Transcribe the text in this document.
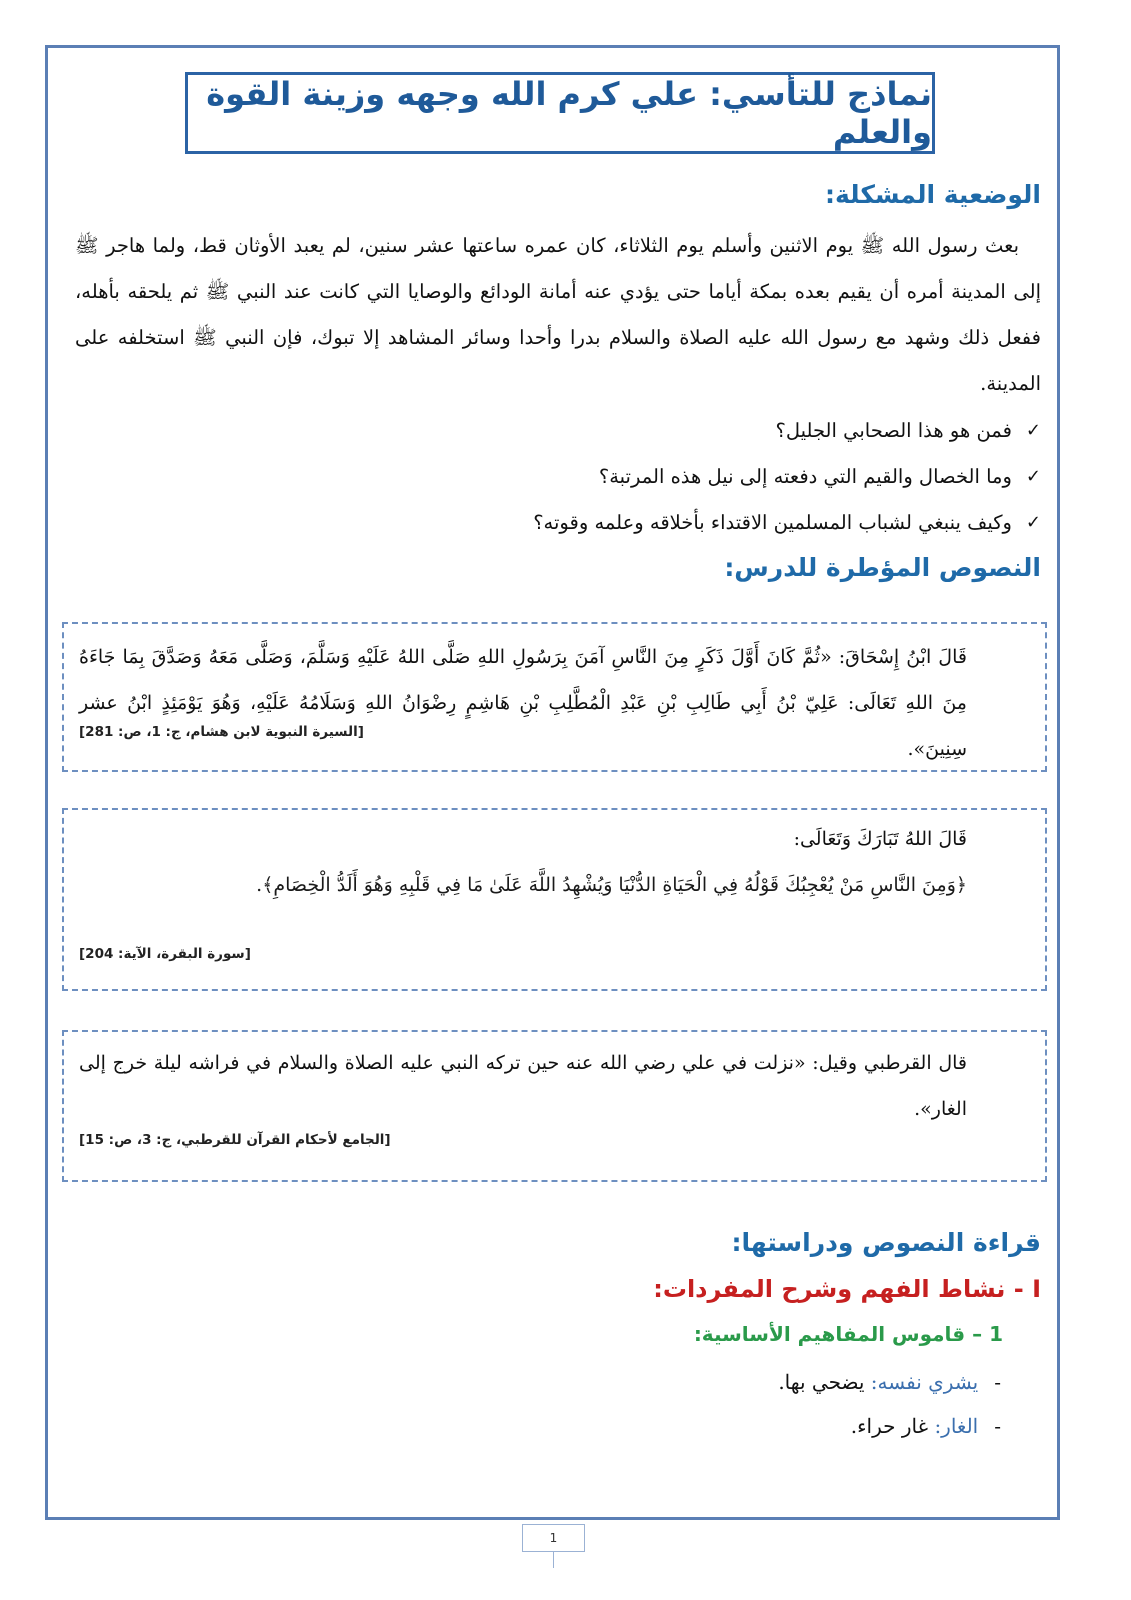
نماذج للتأسي: علي كرم الله وجهه وزينة القوة والعلم
الوضعية المشكلة:
بعث رسول الله ﷺ يوم الاثنين وأسلم يوم الثلاثاء، كان عمره ساعتها عشر سنين، لم يعبد الأوثان قط، ولما هاجر ﷺ إلى المدينة أمره أن يقيم بعده بمكة أياما حتى يؤدي عنه أمانة الودائع والوصايا التي كانت عند النبي ﷺ ثم يلحقه بأهله، ففعل ذلك وشهد مع رسول الله عليه الصلاة والسلام بدرا وأحدا وسائر المشاهد إلا تبوك، فإن النبي ﷺ استخلفه على المدينة.
✓
فمن هو هذا الصحابي الجليل؟
✓
وما الخصال والقيم التي دفعته إلى نيل هذه المرتبة؟
✓
وكيف ينبغي لشباب المسلمين الاقتداء بأخلاقه وعلمه وقوته؟
النصوص المؤطرة للدرس:
قَالَ ابْنُ إِسْحَاقَ: «ثُمَّ كَانَ أَوَّلَ ذَكَرٍ مِنَ النَّاسِ آمَنَ بِرَسُولِ اللهِ صَلَّى اللهُ عَلَيْهِ وَسَلَّمَ، وَصَلَّى مَعَهُ وَصَدَّقَ بِمَا جَاءَهُ مِنَ اللهِ تَعَالَى: عَلِيّ بْنُ أَبِي طَالِبِ بْنِ عَبْدِ الْمُطَّلِبِ بْنِ هَاشِمٍ رِضْوَانُ اللهِ وَسَلَامُهُ عَلَيْهِ، وَهُوَ يَوْمَئِذٍ ابْنُ عشر سِنِينَ».
[السيرة النبوية لابن هشام، ج: 1، ص: 281]
قَالَ اللهُ تَبَارَكَ وَتَعَالَى:
﴿وَمِنَ النَّاسِ مَنْ يُعْجِبُكَ قَوْلُهُ فِي الْحَيَاةِ الدُّنْيَا وَيُشْهِدُ اللَّهَ عَلَىٰ مَا فِي قَلْبِهِ وَهُوَ أَلَدُّ الْخِصَامِ﴾.
[سورة البقرة، الآية: 204]
قال القرطبي وقيل: «نزلت في علي رضي الله عنه حين تركه النبي عليه الصلاة والسلام في فراشه ليلة خرج إلى الغار».
[الجامع لأحكام القرآن للقرطبي، ج: 3، ص: 15]
قراءة النصوص ودراستها:
I - نشاط الفهم وشرح المفردات:
1 – قاموس المفاهيم الأساسية:
-يشري نفسه: يضحي بها.
-الغار: غار حراء.
1
